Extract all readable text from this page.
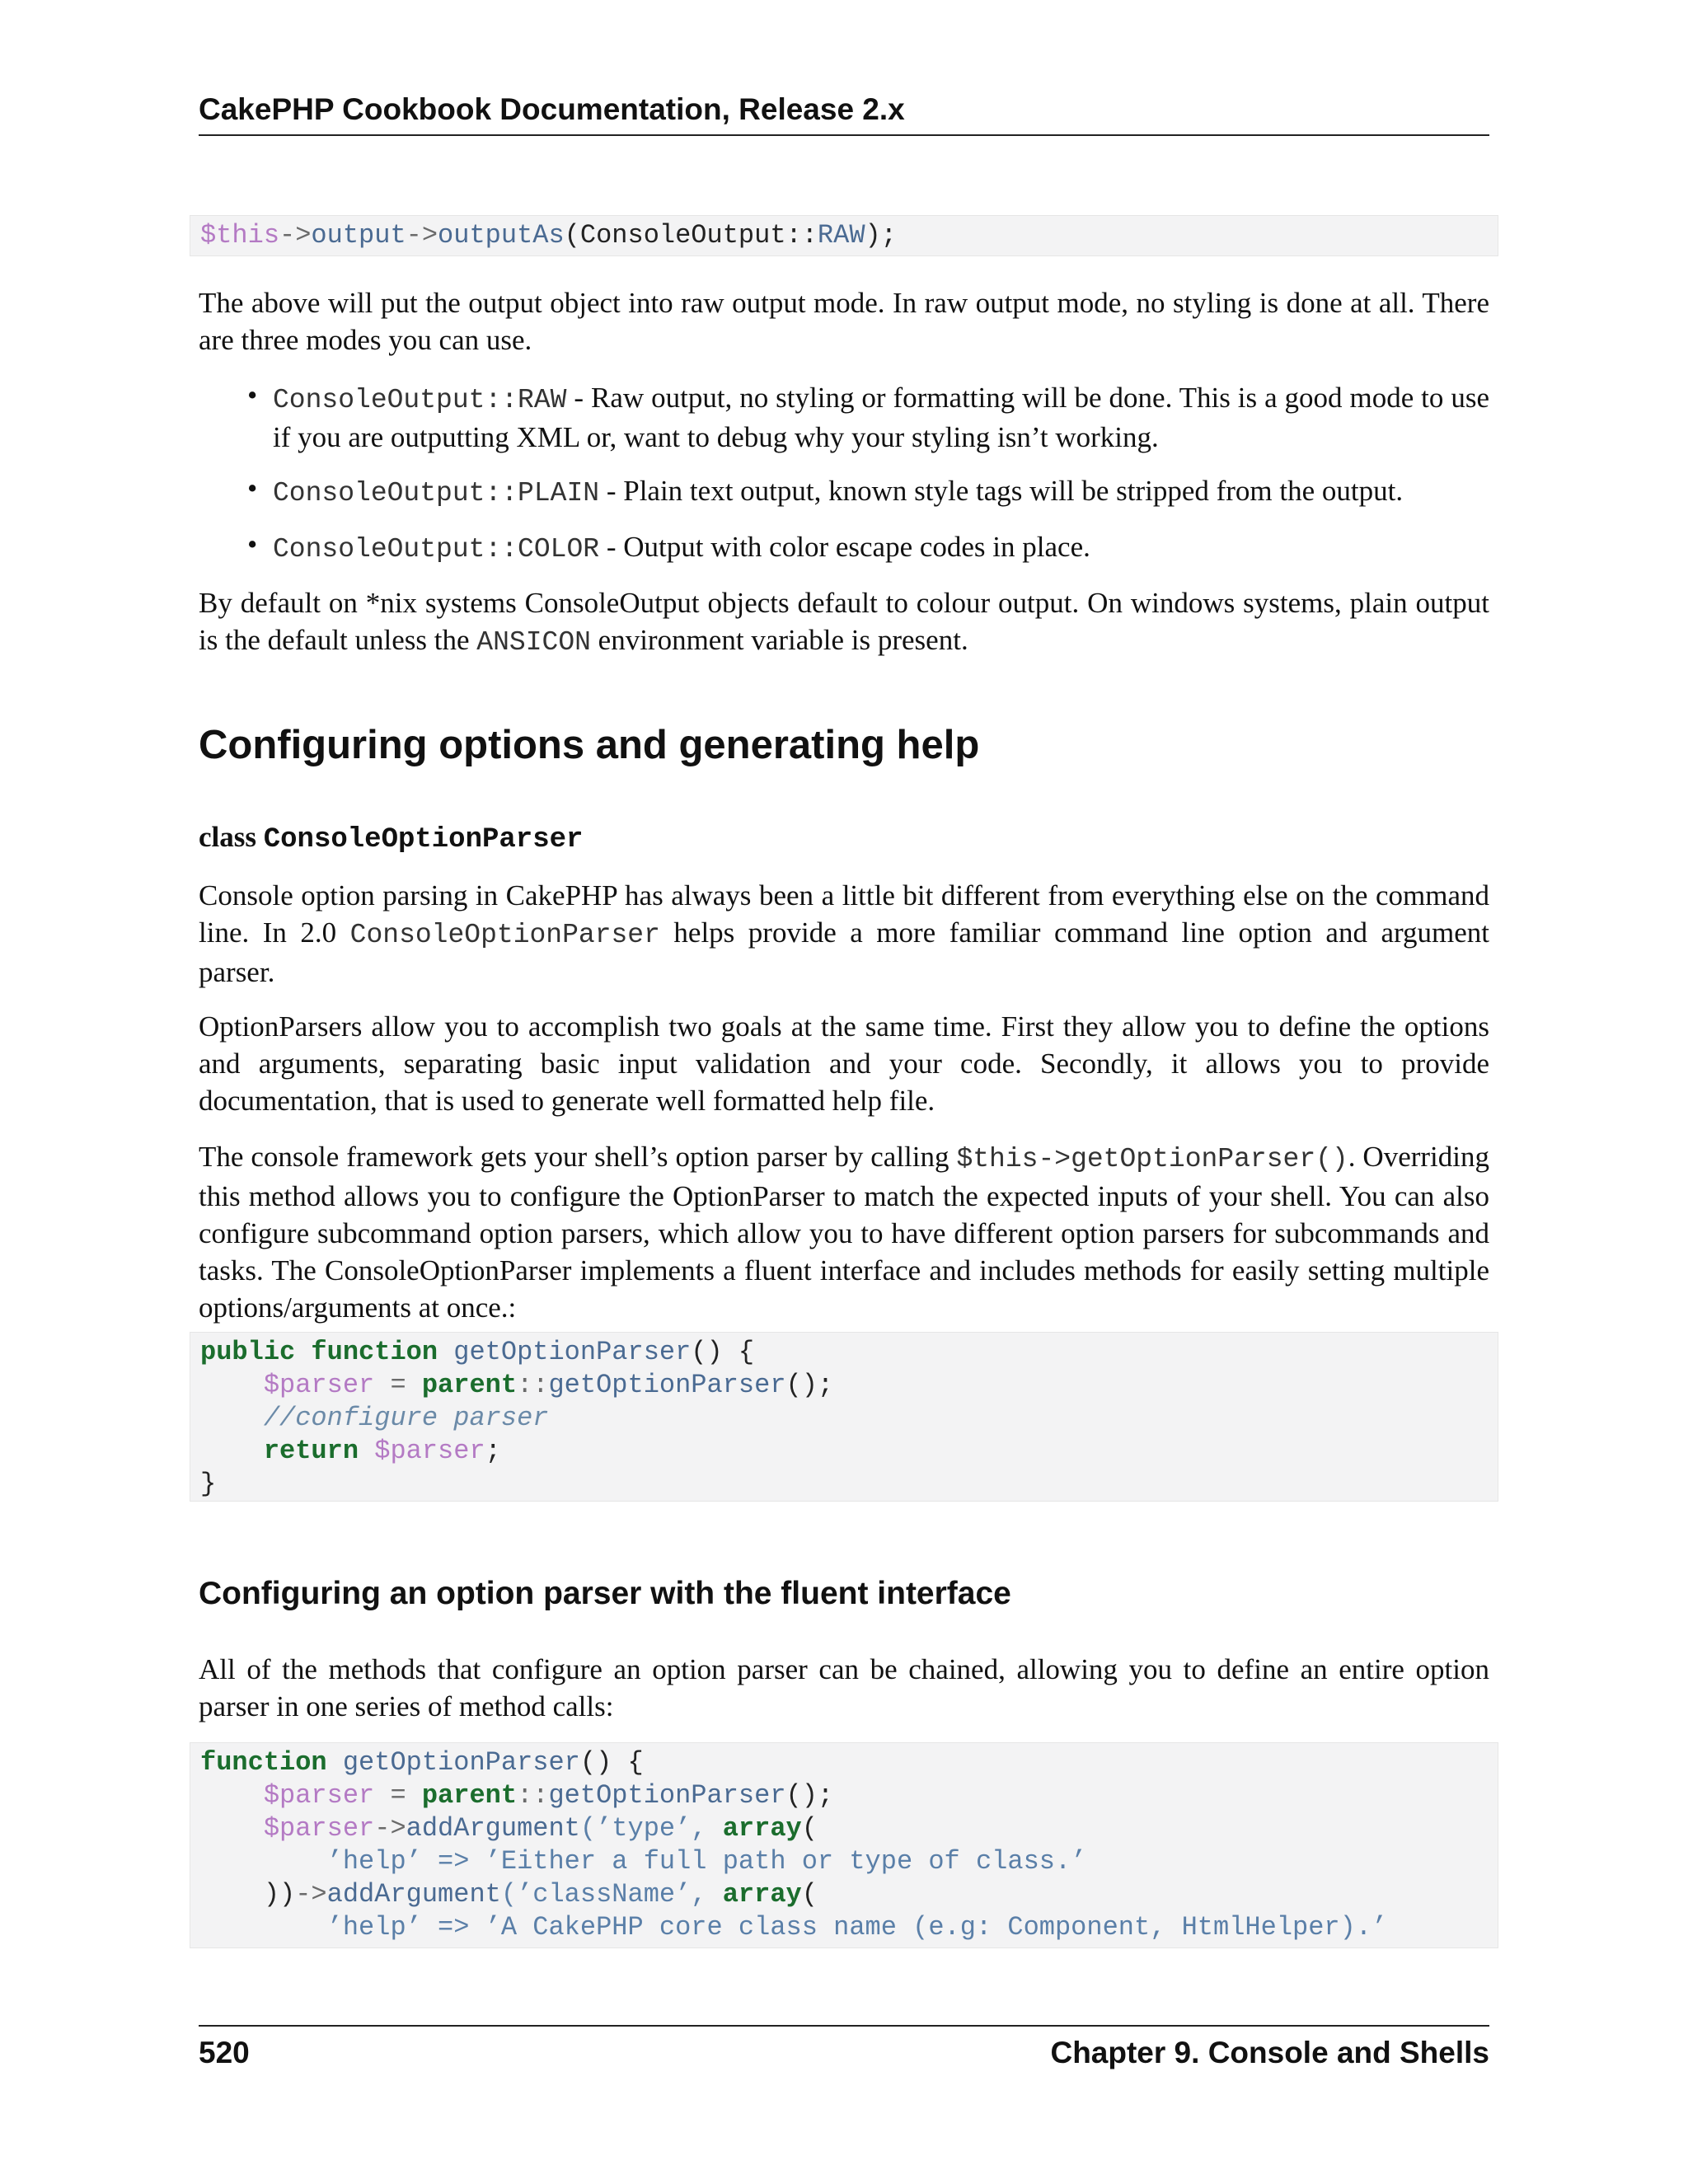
CakePHP Cookbook Documentation, Release 2.x
$this->output->outputAs(ConsoleOutput::RAW);
The above will put the output object into raw output mode. In raw output mode, no styling is done at all. There are three modes you can use.
• ConsoleOutput::RAW - Raw output, no styling or formatting will be done. This is a good mode to use if you are outputting XML or, want to debug why your styling isn’t working.
• ConsoleOutput::PLAIN - Plain text output, known style tags will be stripped from the output.
• ConsoleOutput::COLOR - Output with color escape codes in place.
By default on *nix systems ConsoleOutput objects default to colour output. On windows systems, plain output is the default unless the ANSICON environment variable is present.
Configuring options and generating help
class ConsoleOptionParser
Console option parsing in CakePHP has always been a little bit different from everything else on the command line. In 2.0 ConsoleOptionParser helps provide a more familiar command line option and argument parser.
OptionParsers allow you to accomplish two goals at the same time. First they allow you to define the options and arguments, separating basic input validation and your code. Secondly, it allows you to provide documentation, that is used to generate well formatted help file.
The console framework gets your shell’s option parser by calling $this->getOptionParser(). Overriding this method allows you to configure the OptionParser to match the expected inputs of your shell. You can also configure subcommand option parsers, which allow you to have different option parsers for subcommands and tasks. The ConsoleOptionParser implements a fluent interface and includes methods for easily setting multiple options/arguments at once.:
public function getOptionParser() {
$parser = parent::getOptionParser();
//configure parser
return $parser;
}
Configuring an option parser with the fluent interface
All of the methods that configure an option parser can be chained, allowing you to define an entire option parser in one series of method calls:
function getOptionParser() {
$parser = parent::getOptionParser();
$parser->addArgument(’type’, array(
’help’ => ’Either a full path or type of class.’
))->addArgument(’className’, array(
’help’ => ’A CakePHP core class name (e.g: Component, HtmlHelper).’
520	Chapter 9. Console and Shells
